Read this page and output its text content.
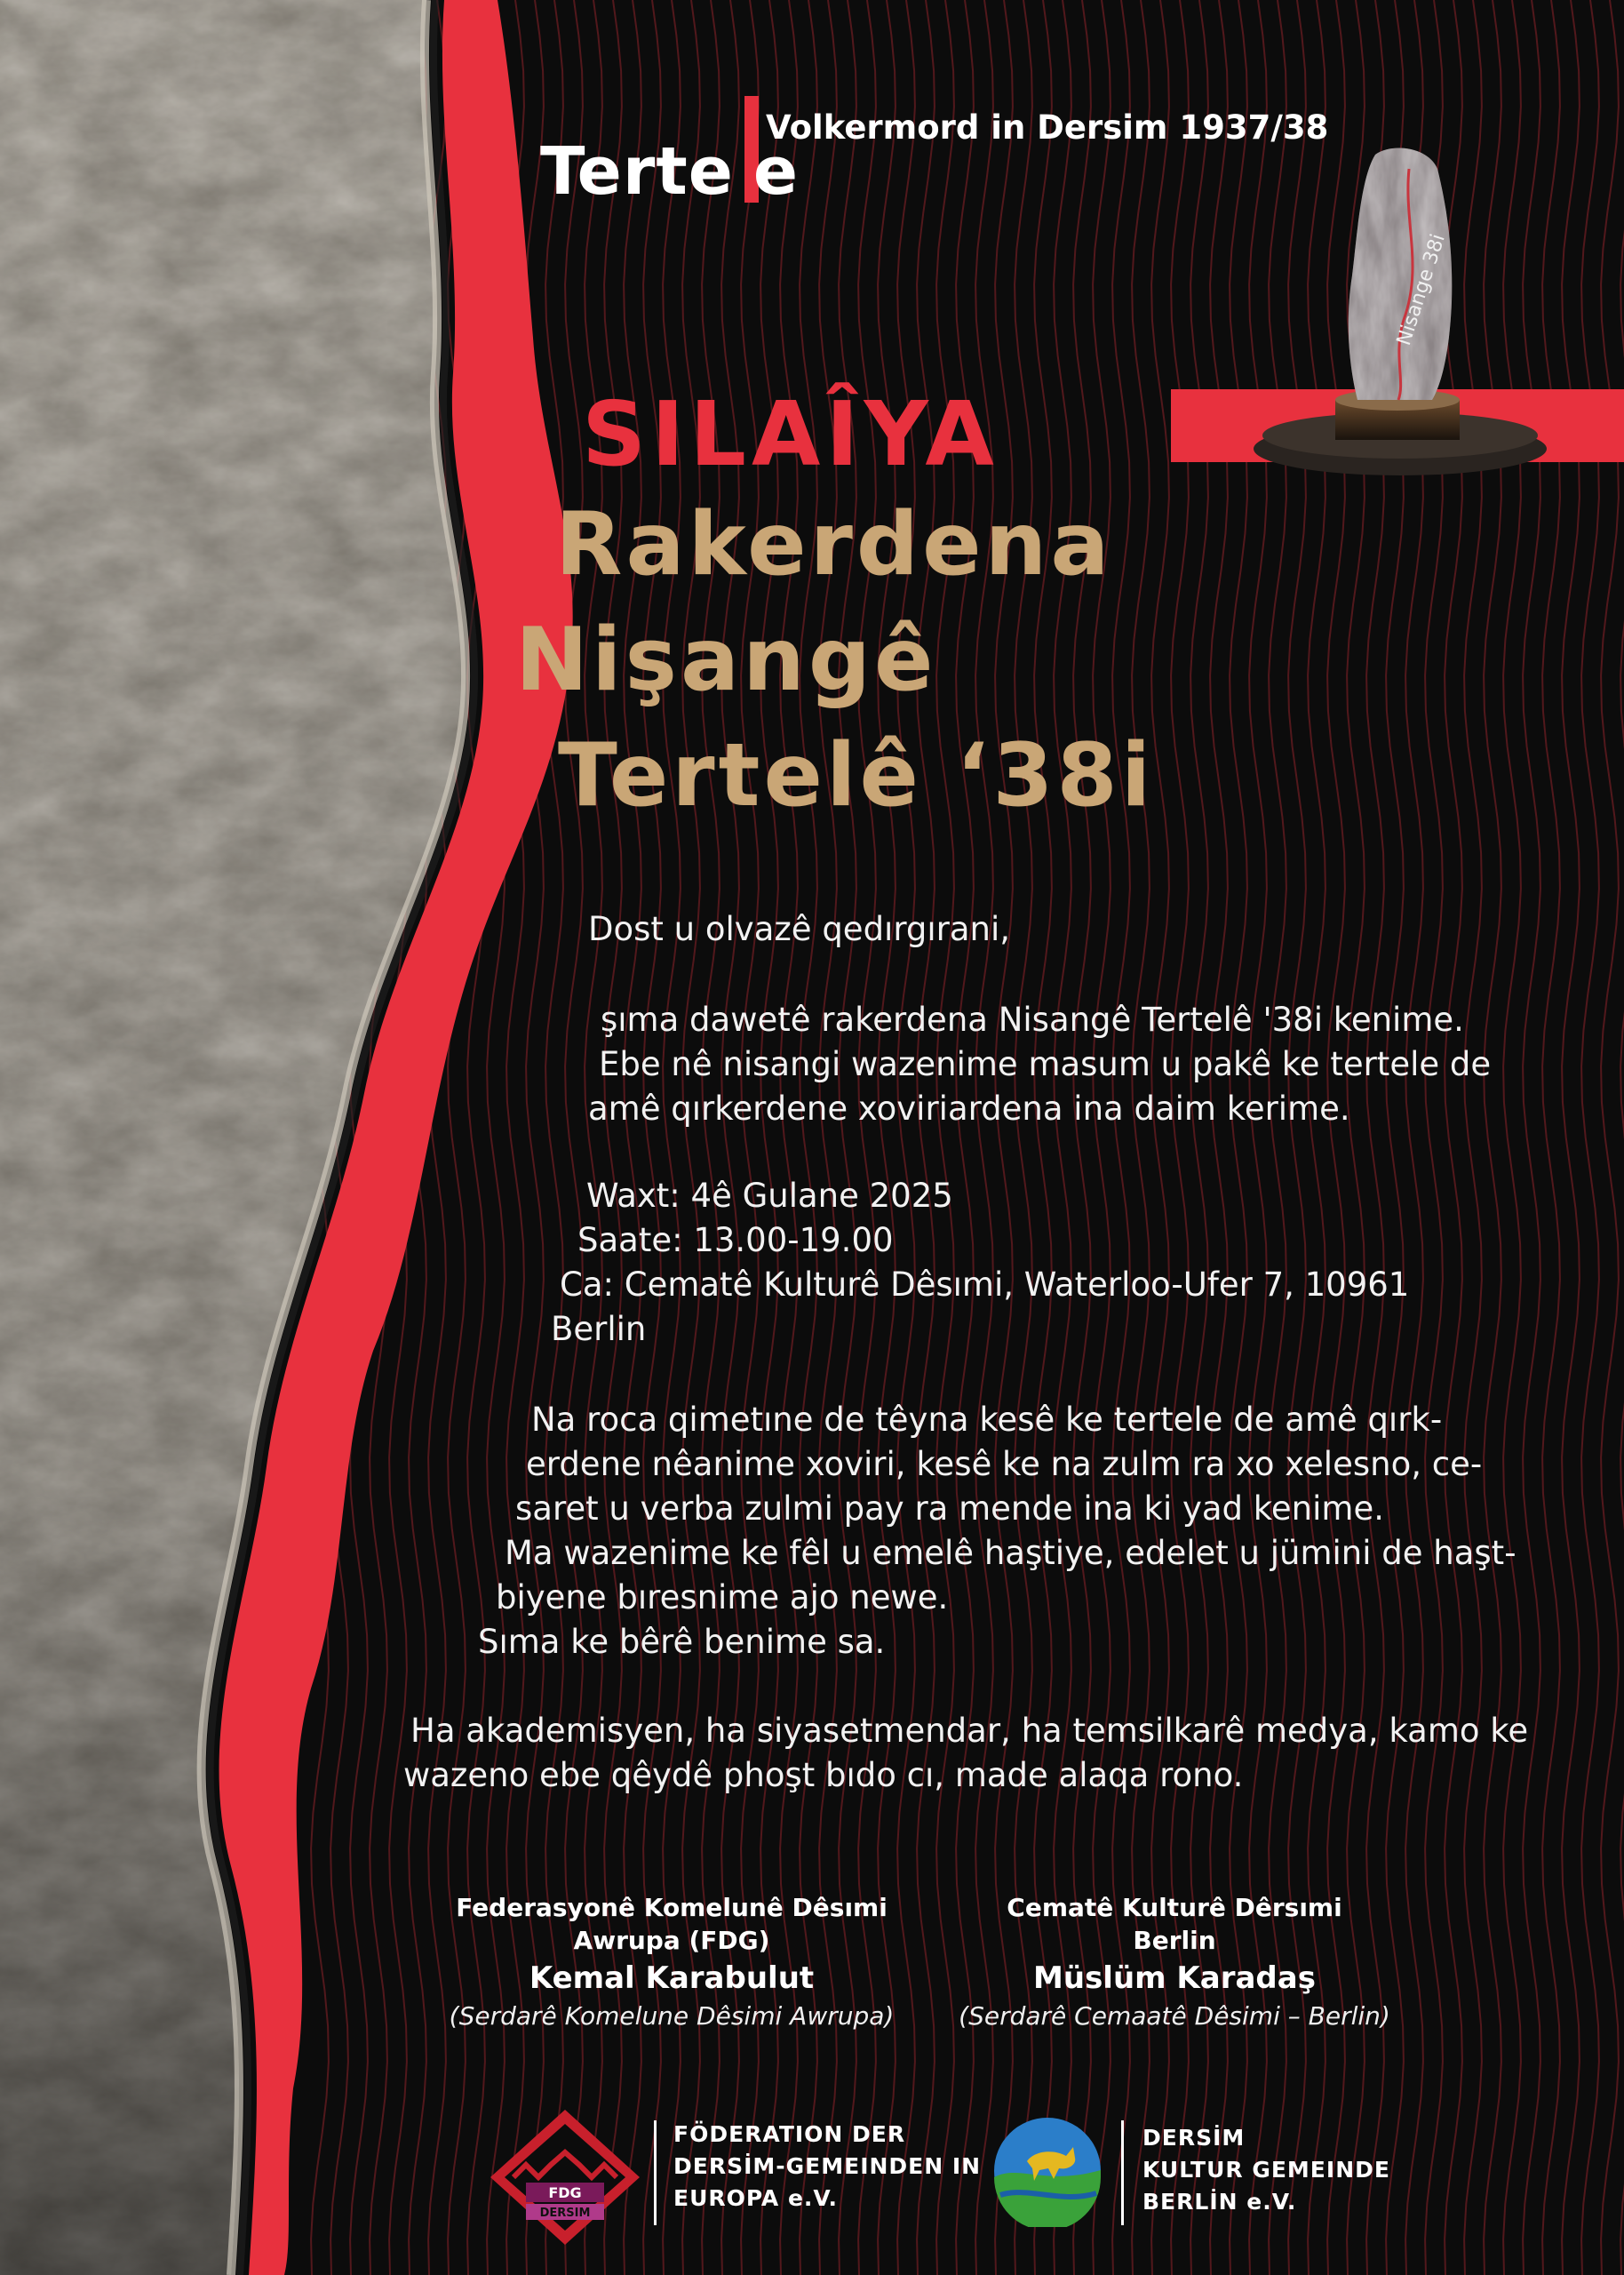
Terte e
Volkermord in Dersim 1937/38
Nisange 38i
SILAÎYA
Rakerdena
Nişangê
Tertelê ‘38i
Dost u olvazê qedırgırani,
şıma dawetê rakerdena Nisangê Tertelê '38i kenime.
Ebe nê nisangi wazenime masum u pakê ke tertele de
amê qırkerdene xoviriardena ina daim kerime.
Waxt: 4ê Gulane 2025
Saate: 13.00-19.00
Ca: Cematê Kulturê Dêsımi, Waterloo-Ufer 7, 10961
Berlin
Na roca qimetıne de têyna kesê ke tertele de amê qırk-
erdene nêanime xoviri, kesê ke na zulm ra xo xelesno, ce-
saret u verba zulmi pay ra mende ina ki yad kenime.
Ma wazenime ke fêl u emelê haştiye, edelet u jümini de haşt-
biyene bıresnime ajo newe.
Sıma ke bêrê benime sa.
Ha akademisyen, ha siyasetmendar, ha temsilkarê medya, kamo ke
wazeno ebe qêydê phoşt bıdo cı, made alaqa rono.
Federasyonê Komelunê Dêsımi
Awrupa (FDG)
Kemal Karabulut
(Serdarê Komelune Dêsimi Awrupa)
Cematê Kulturê Dêrsımi
Berlin
Müslüm Karadaş
(Serdarê Cemaatê Dêsimi – Berlin)
FDG
DERSIM
FÖDERATION DER
DERSİM-GEMEINDEN IN
EUROPA e.V.
DERSİM
KULTUR GEMEINDE
BERLİN e.V.
